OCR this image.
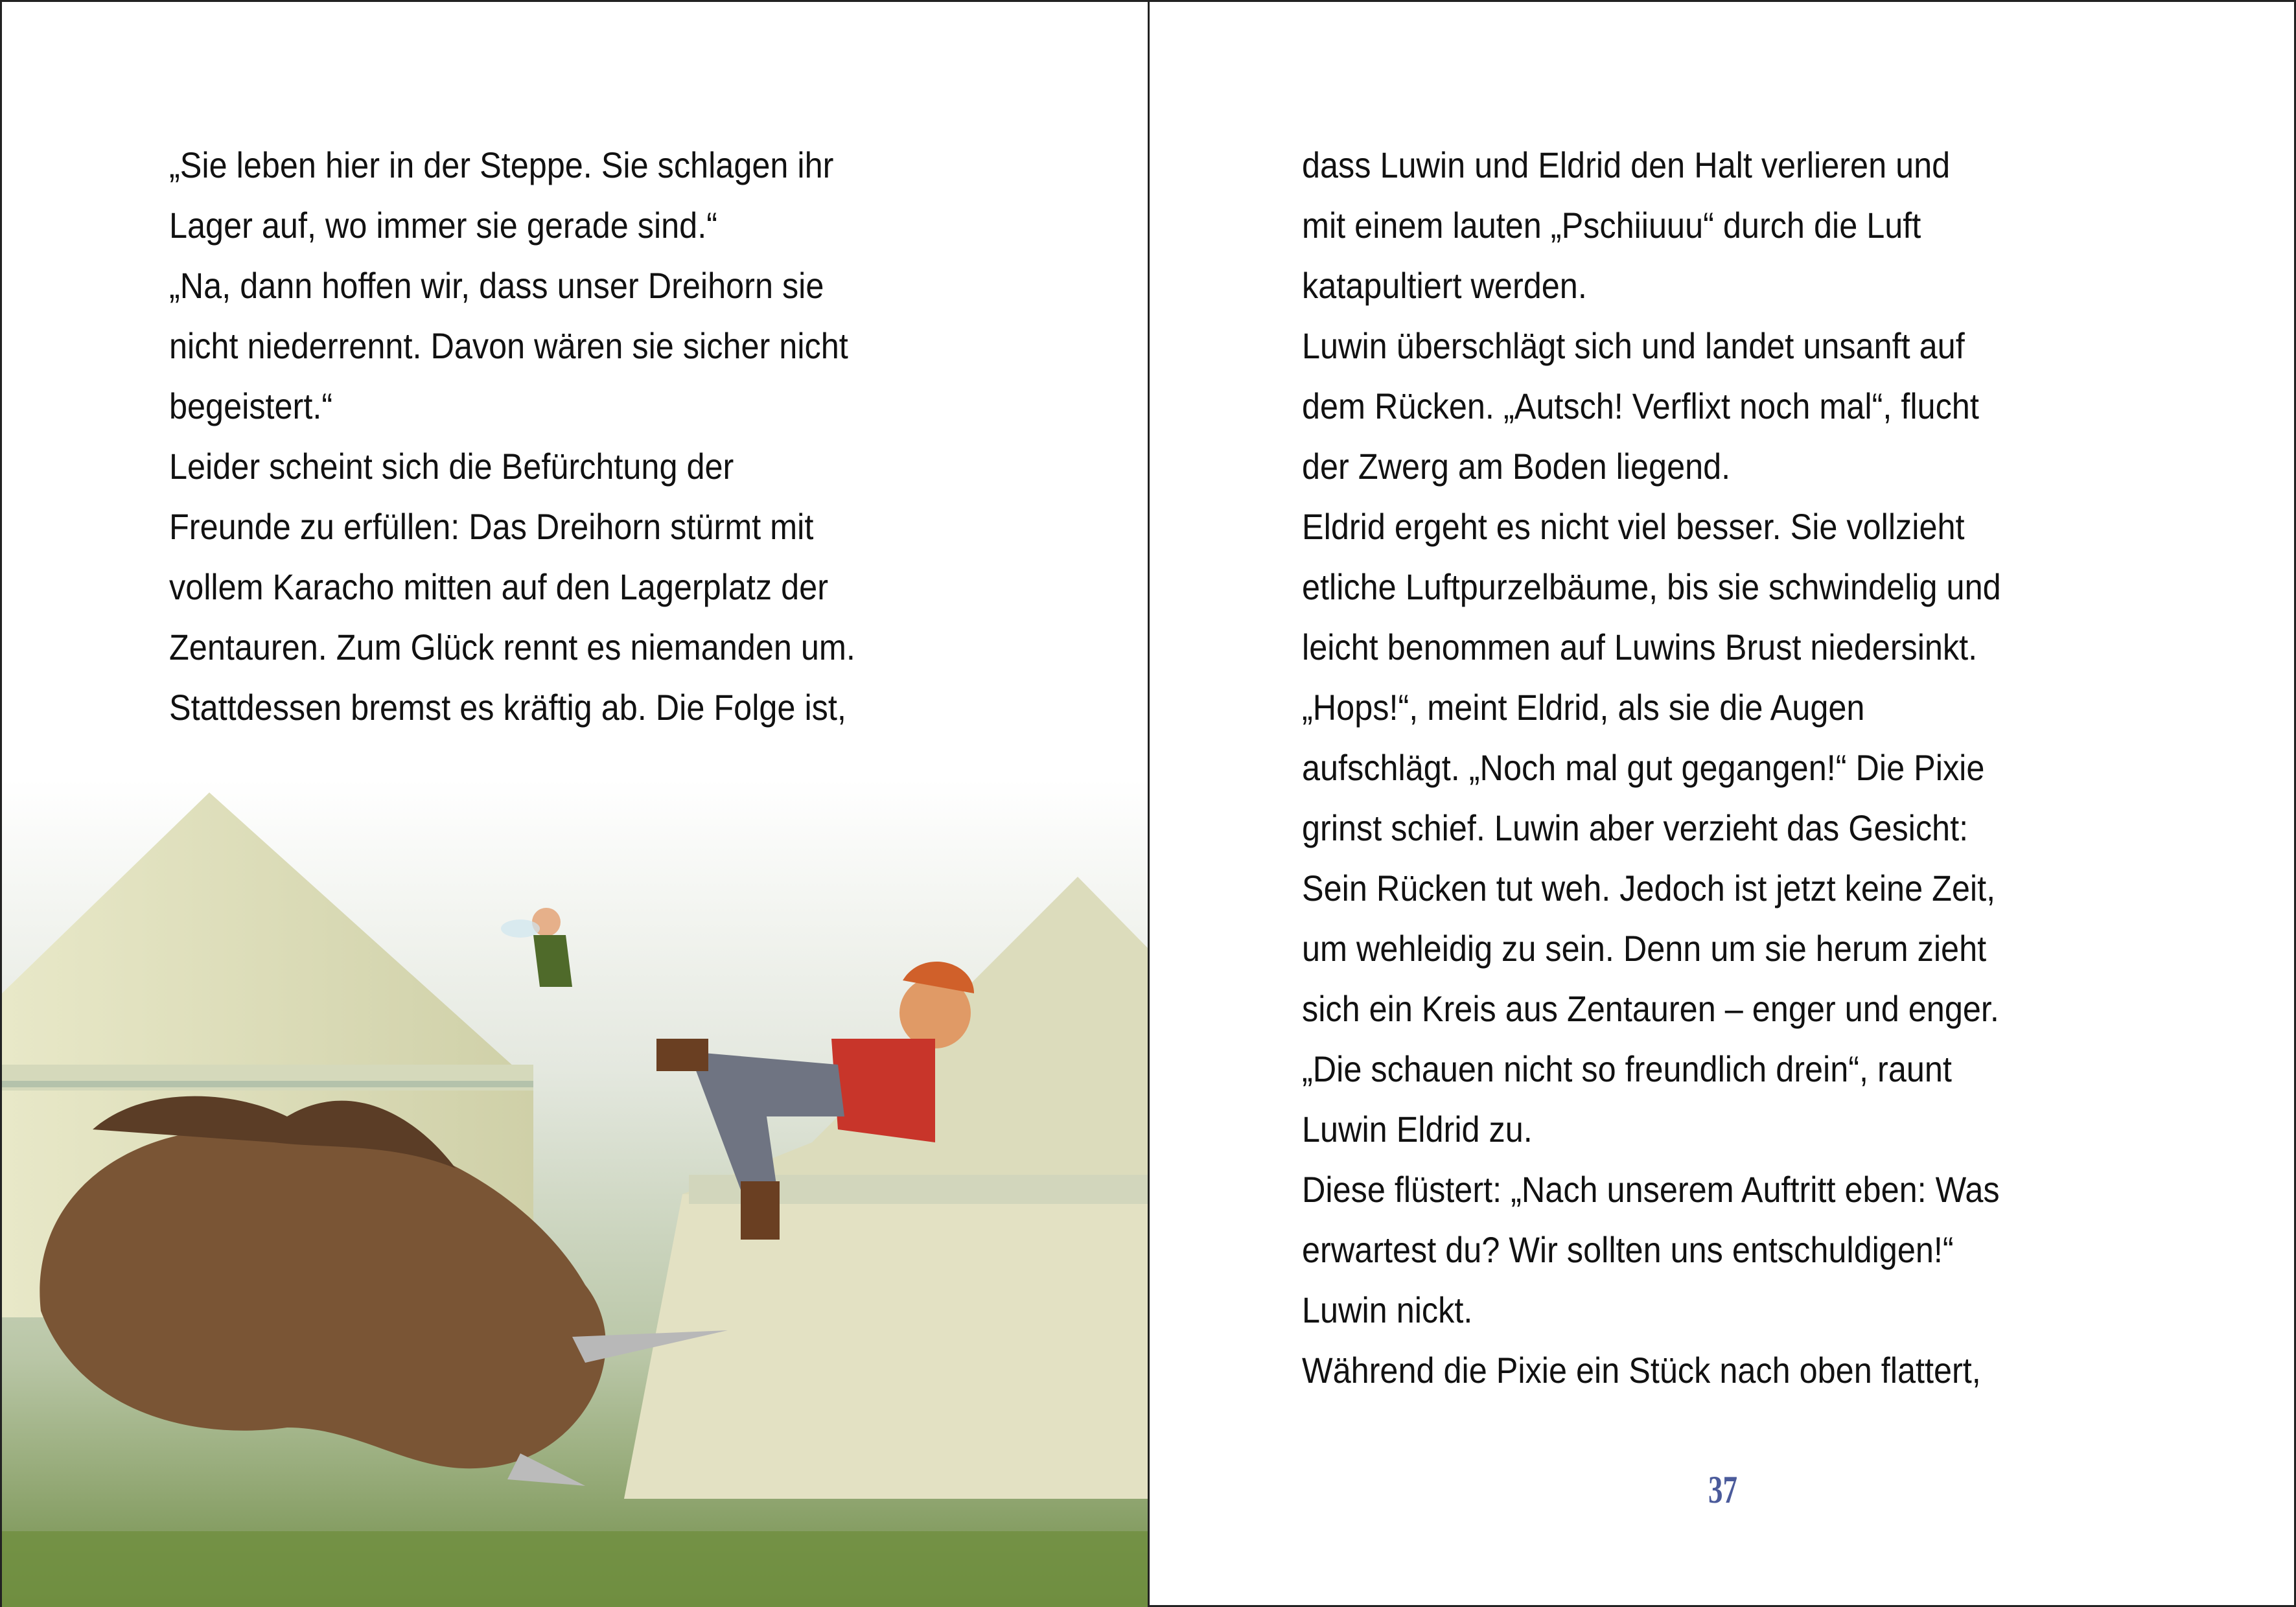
„Sie leben hier in der Steppe. Sie schlagen ihr
Lager auf, wo immer sie gerade sind.“
„Na, dann hoffen wir, dass unser Dreihorn sie
nicht niederrennt. Davon wären sie sicher nicht
begeistert.“
Leider scheint sich die Befürchtung der
Freunde zu erfüllen: Das Dreihorn stürmt mit
vollem Karacho mitten auf den Lagerplatz der
Zentauren. Zum Glück rennt es niemanden um.
Stattdessen bremst es kräftig ab. Die Folge ist,
dass Luwin und Eldrid den Halt verlieren und
mit einem lauten „Pschiiuuu“ durch die Luft
katapultiert werden.
Luwin überschlägt sich und landet unsanft auf
dem Rücken. „Autsch! Verflixt noch mal“, flucht
der Zwerg am Boden liegend.
Eldrid ergeht es nicht viel besser. Sie vollzieht
etliche Luftpurzelbäume, bis sie schwindelig und
leicht benommen auf Luwins Brust niedersinkt.
„Hops!“, meint Eldrid, als sie die Augen
aufschlägt. „Noch mal gut gegangen!“ Die Pixie
grinst schief. Luwin aber verzieht das Gesicht:
Sein Rücken tut weh. Jedoch ist jetzt keine Zeit,
um wehleidig zu sein. Denn um sie herum zieht
sich ein Kreis aus Zentauren – enger und enger.
„Die schauen nicht so freundlich drein“, raunt
Luwin Eldrid zu.
Diese flüstert: „Nach unserem Auftritt eben: Was
erwartest du? Wir sollten uns entschuldigen!“
Luwin nickt.
Während die Pixie ein Stück nach oben flattert,
37
